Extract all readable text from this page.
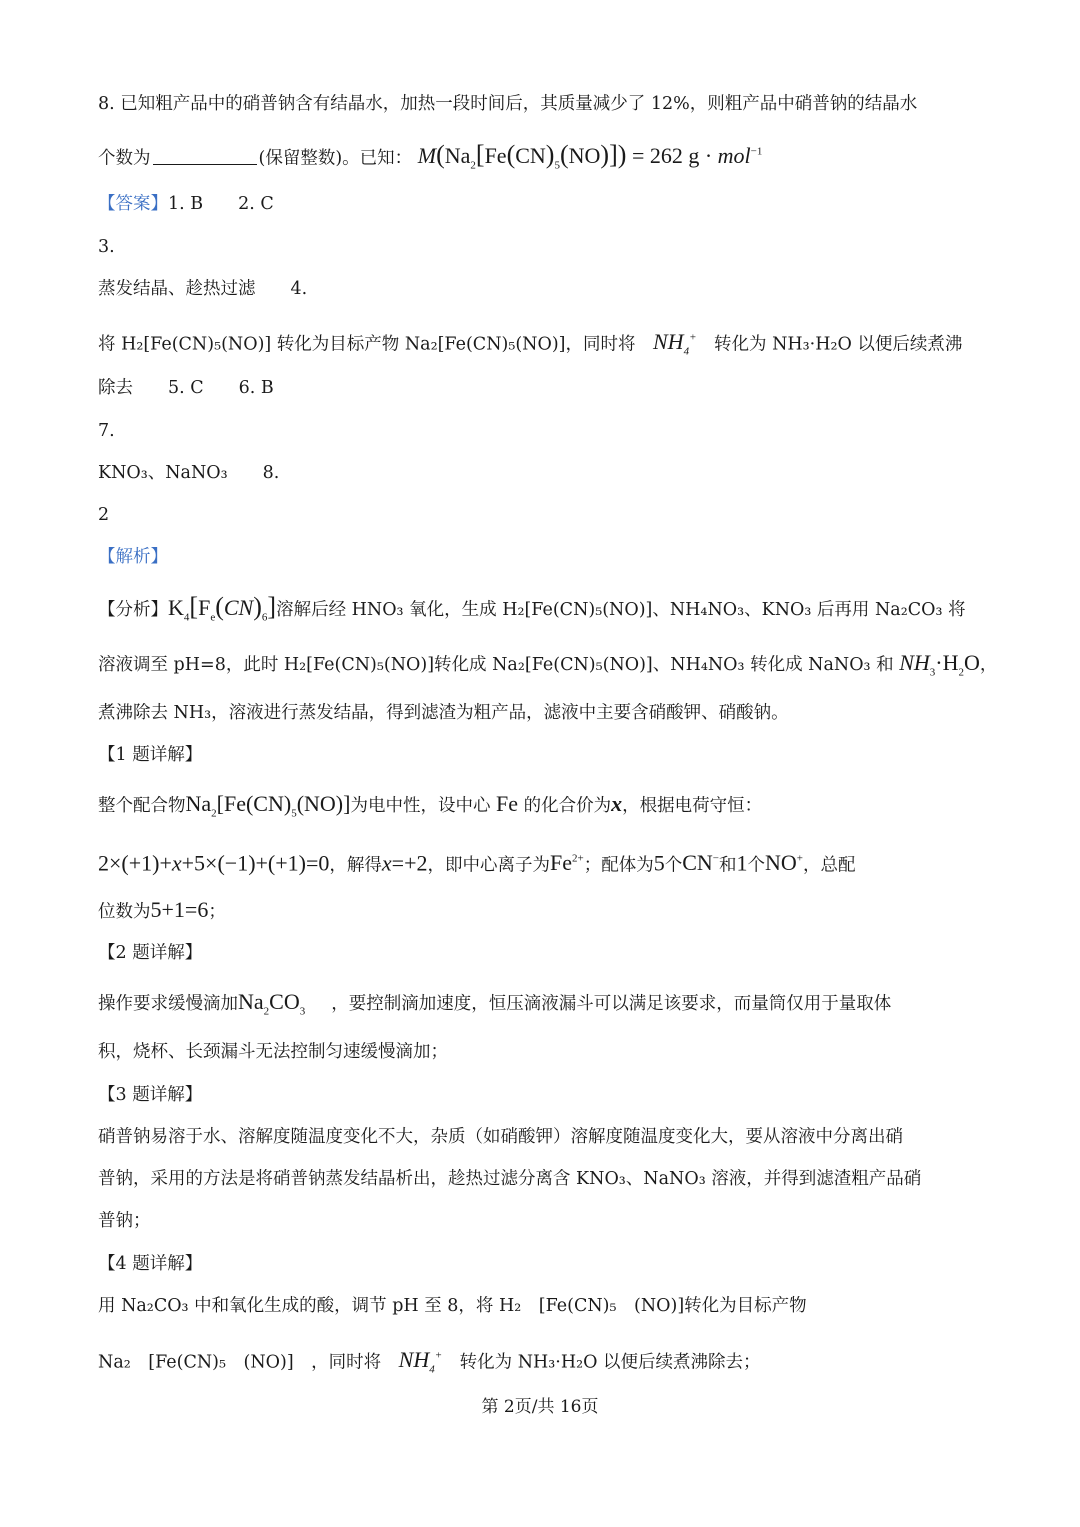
8. 已知粗产品中的硝普钠含有结晶水，加热一段时间后，其质量减少了 12%，则粗产品中硝普钠的结晶水
个数为	(保留整数)。已知： $M(Na_2[Fe(CN)_5(NO)]) = 262$ g · mol$^{-1}$
【答案】1. B　　2. C
3.
蒸发结晶、趁热过滤　　4.
将 H₂[Fe(CN)₅(NO)] 转化为目标产物 Na₂[Fe(CN)₅(NO)]，同时将　 $NH_4^+$　 转化为 NH₃·H₂O 以便后续煮沸
除去　　5. C　　6. B
7.
KNO₃、NaNO₃　　8.
2
【解析】
【分析】$K_4[F_e(CN)_6]$溶解后经 HNO₃ 氧化，生成 H₂[Fe(CN)₅(NO)]、NH₄NO₃、KNO₃ 后再用 Na₂CO₃ 将
溶液调至 pH=8，此时 H₂[Fe(CN)₅(NO)]转化成 Na₂[Fe(CN)₅(NO)]、NH₄NO₃ 转化成 NaNO₃ 和 $NH_3\cdot H_2O$，
煮沸除去 NH₃，溶液进行蒸发结晶，得到滤渣为粗产品，滤液中主要含硝酸钾、硝酸钠。
【1 题详解】
整个配合物$Na_2[Fe(CN)_5(NO)]$为电中性，设中心 Fe 的化合价为x，根据电荷守恒：
2×(+1)+x+5×(−1)+(+1)=0，解得x=+2，即中心离子为$Fe^{2+}$；配体为5个CN−和1个NO+，总配
位数为5+1=6；
【2 题详解】
操作要求缓慢滴加$Na_2CO_3$ ，要控制滴加速度，恒压滴液漏斗可以满足该要求，而量筒仅用于量取体
积，烧杯、长颈漏斗无法控制匀速缓慢滴加；
【3 题详解】
硝普钠易溶于水、溶解度随温度变化不大，杂质（如硝酸钾）溶解度随温度变化大，要从溶液中分离出硝
普钠，采用的方法是将硝普钠蒸发结晶析出，趁热过滤分离含 KNO₃、NaNO₃ 溶液，并得到滤渣粗产品硝
普钠；
【4 题详解】
用 Na₂CO₃ 中和氧化生成的酸，调节 pH 至 8，将 H₂　[Fe(CN)₅　(NO)]转化为目标产物
Na₂　[Fe(CN)₅　(NO)]　，同时将　 $NH_4^+$　 转化为 NH₃·H₂O 以便后续煮沸除去；
第 2页/共 16页
